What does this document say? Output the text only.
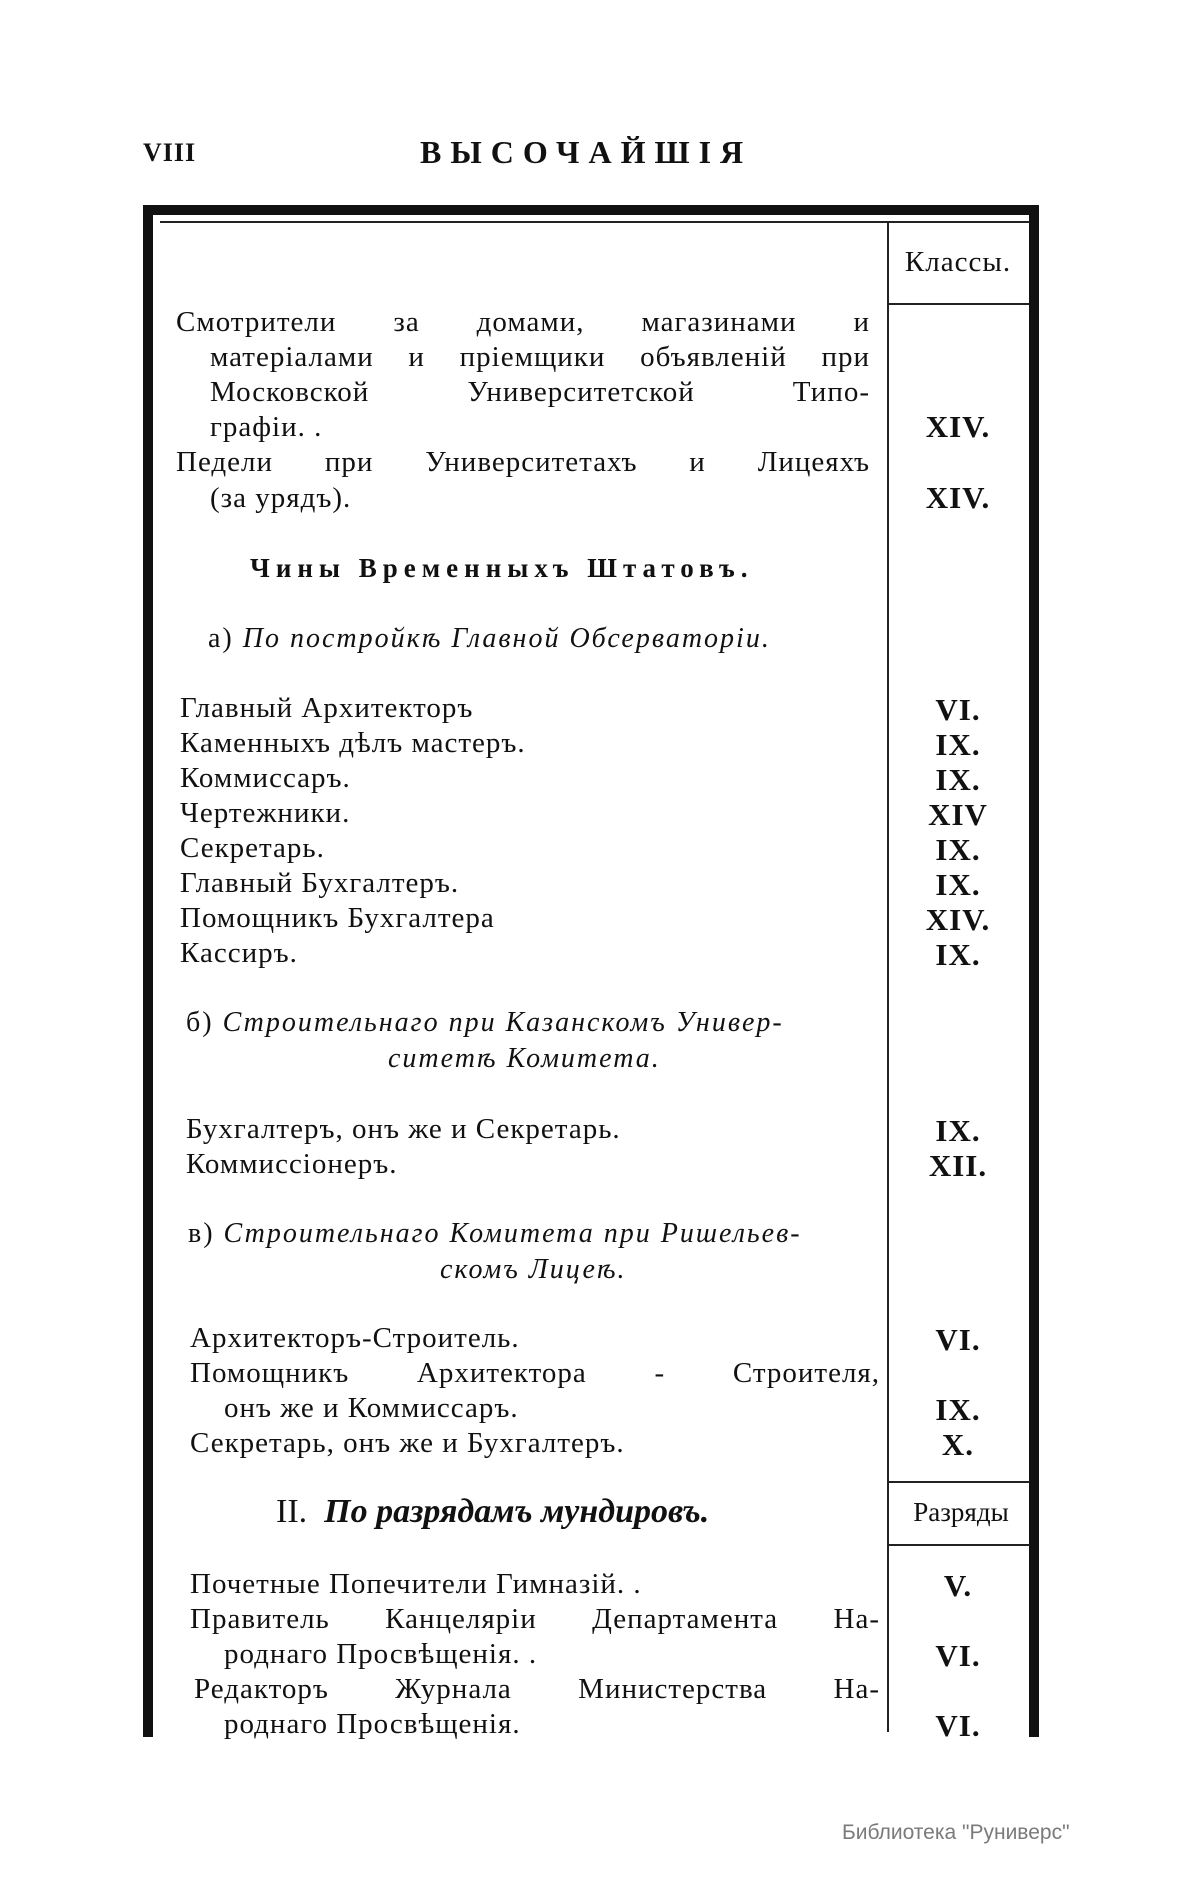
VIII	ВЫСОЧАЙШІЯ
Классы.
Смотрители за домами, магазинами и
матеріалами и пріемщики объявленій при
Московской Университетской Типо-
графіи. .	XIV.
Педели при Университетахъ и Лицеяхъ
(за урядъ).	XIV.
Чины Временныхъ Штатовъ.
а) По постройкѣ Главной Обсерваторіи.
Главный Архитекторъ	VI.
Каменныхъ дѣлъ мастеръ.	IX.
Коммиссаръ.	IX.
Чертежники.	XIV
Секретарь.	IX.
Главный Бухгалтеръ.	IX.
Помощникъ Бухгалтера	XIV.
Кассиръ.	IX.
б) Строительнаго при Казанскомъ Универ-
ситетѣ Комитета.
Бухгалтеръ, онъ же и Секретарь.	IX.
Коммиссіонеръ.	XII.
в) Строительнаго Комитета при Ришельев-
скомъ Лицеѣ.
Архитекторъ-Строитель.	VI.
Помощникъ Архитектора - Строителя,
онъ же и Коммиссаръ.	IX.
Секретарь, онъ же и Бухгалтеръ.	X.
II. По разрядамъ мундировъ.	Разряды
Почетные Попечители Гимназій. .	V.
Правитель Канцеляріи Департамента На-
роднаго Просвѣщенія. .	VI.
Редакторъ Журнала Министерства На-
роднаго Просвѣщенія.	VI.
Библиотека "Руниверс"
